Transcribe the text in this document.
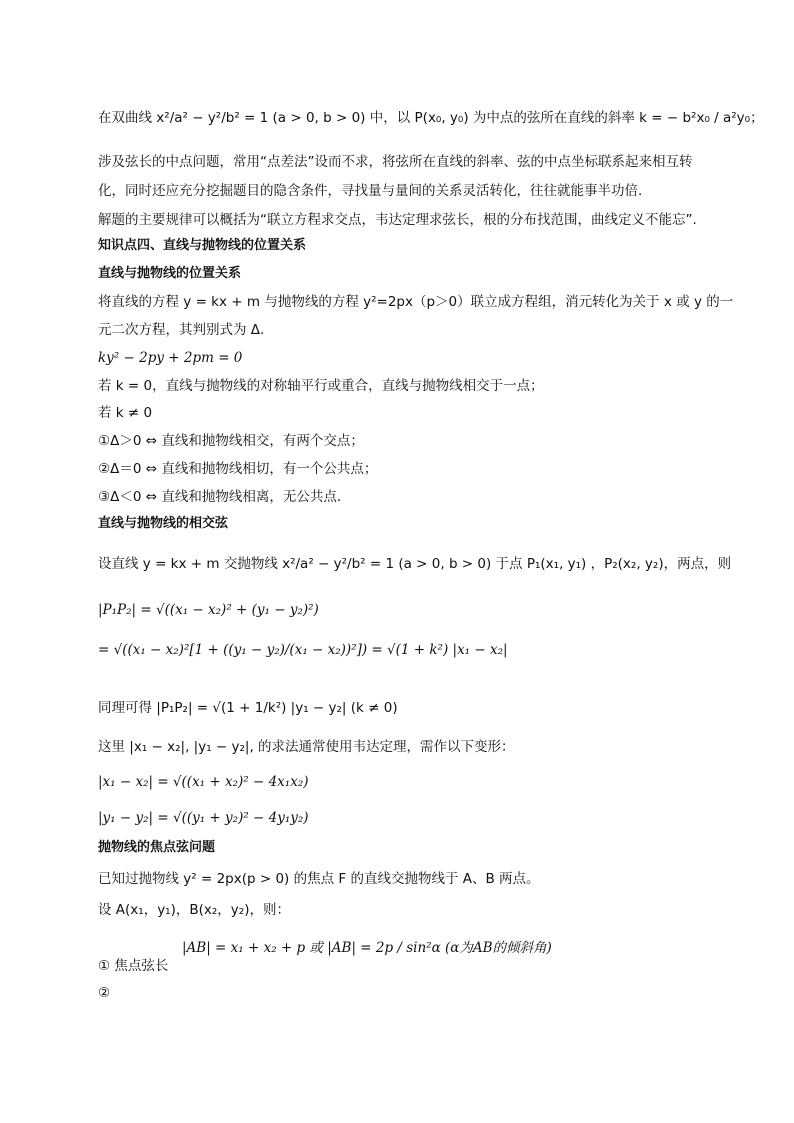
在双曲线 x²/a² − y²/b² = 1 (a > 0, b > 0) 中，以 P(x₀, y₀) 为中点的弦所在直线的斜率 k = − b²x₀ / a²y₀；
涉及弦长的中点问题，常用“点差法”设而不求，将弦所在直线的斜率、弦的中点坐标联系起来相互转
化，同时还应充分挖掘题目的隐含条件，寻找量与量间的关系灵活转化，往往就能事半功倍.
解题的主要规律可以概括为“联立方程求交点，韦达定理求弦长，根的分布找范围，曲线定义不能忘”.
知识点四、直线与抛物线的位置关系
直线与抛物线的位置关系
将直线的方程 y = kx + m 与抛物线的方程 y²=2px（p＞0）联立成方程组，消元转化为关于 x 或 y 的一
元二次方程，其判别式为 Δ.
ky² − 2py + 2pm = 0
若 k = 0，直线与抛物线的对称轴平行或重合，直线与抛物线相交于一点；
若 k ≠ 0
①Δ＞0 ⇔ 直线和抛物线相交，有两个交点；
②Δ＝0 ⇔ 直线和抛物线相切，有一个公共点；
③Δ＜0 ⇔ 直线和抛物线相离，无公共点．
直线与抛物线的相交弦
设直线 y = kx + m 交抛物线 x²/a² − y²/b² = 1 (a > 0, b > 0) 于点 P₁(x₁, y₁) ，P₂(x₂, y₂)，两点，则
|P₁P₂| = √((x₁ − x₂)² + (y₁ − y₂)²)
= √((x₁ − x₂)²[1 + ((y₁ − y₂)/(x₁ − x₂))²]) = √(1 + k²) |x₁ − x₂|
同理可得 |P₁P₂| = √(1 + 1/k²) |y₁ − y₂| (k ≠ 0)
这里 |x₁ − x₂|, |y₁ − y₂|, 的求法通常使用韦达定理，需作以下变形：
|x₁ − x₂| = √((x₁ + x₂)² − 4x₁x₂)
|y₁ − y₂| = √((y₁ + y₂)² − 4y₁y₂)
抛物线的焦点弦问题
已知过抛物线 y² = 2px(p > 0) 的焦点 F 的直线交抛物线于 A、B 两点。
设 A(x₁，y₁)，B(x₂，y₂)，则：
|AB| = x₁ + x₂ + p 或 |AB| = 2p / sin²α (α为AB的倾斜角)
① 焦点弦长
②
